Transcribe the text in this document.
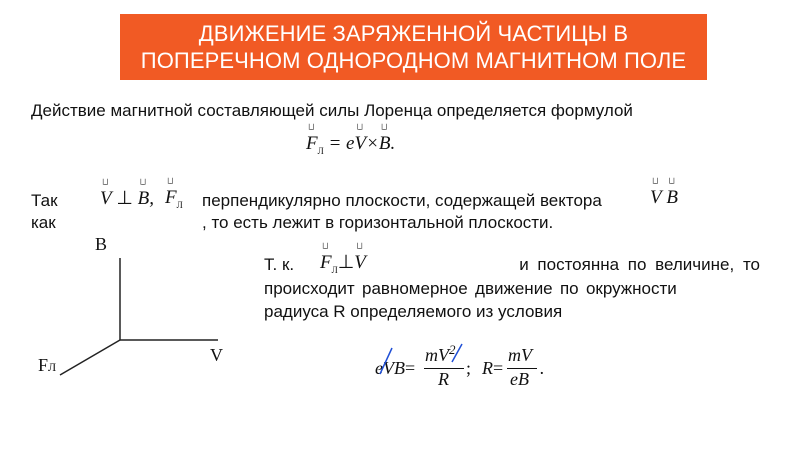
ДВИЖЕНИЕ ЗАРЯЖЕННОЙ ЧАСТИЦЫ В
ПОПЕРЕЧНОМ ОДНОРОДНОМ МАГНИТНОМ ПОЛЕ
Действие магнитной составляющей силы Лоренца определяется формулой
└┘ $F_Л$ = e└┘ V×└┘ B.
Так
как
└┘ V ⊥ └┘ B, └┘ $F_Л$ перпендикулярно плоскости, содержащей вектора	└┘ V └┘ B
, то есть лежит в горизонтальной плоскости.
B
V
FЛ
Т. к. └┘ $F_Л\perp└┘$ V	и постоянна по величине, то
происходит равномерное движение по окружности
радиуса R определяемого из условия
eVB=
$mV^2$
R
; R=
mV
eB
.
